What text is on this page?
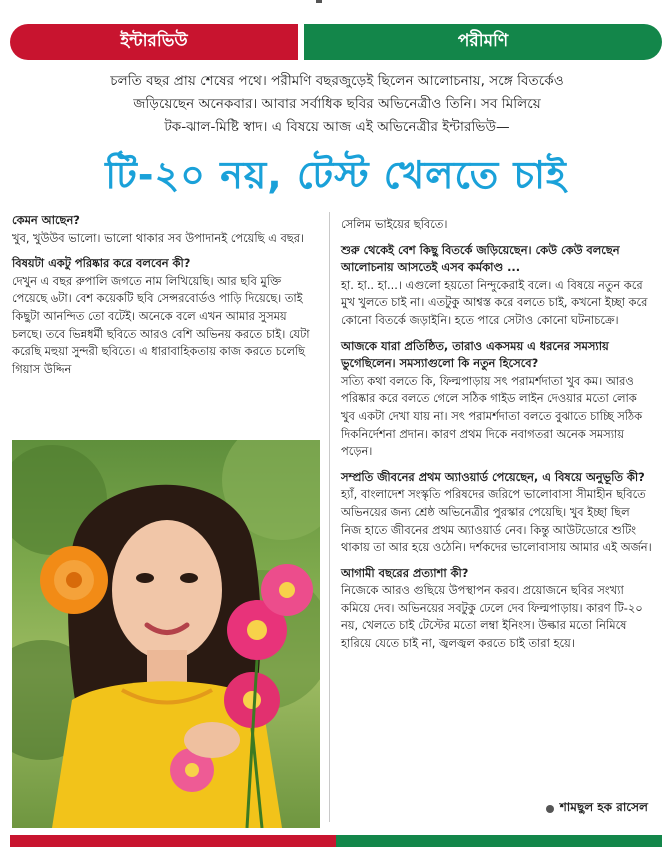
ইন্টারভিউ	পরীমণি
চলতি বছর প্রায় শেষের পথে। পরীমণি বছরজুড়েই ছিলেন আলোচনায়, সঙ্গে বিতর্কেও
জড়িয়েছেন অনেকবার। আবার সর্বাধিক ছবির অভিনেত্রীও তিনি। সব মিলিয়ে
টক-ঝাল-মিষ্টি স্বাদ। এ বিষয়ে আজ এই অভিনেত্রীর ইন্টারভিউ—
টি-২০ নয়, টেস্ট খেলতে চাই

কেমন আছেন?

খুব, খুউউব ভালো। ভালো থাকার সব উপাদানই পেয়েছি এ বছর।

বিষয়টা একটু পরিষ্কার করে বলবেন কী?

দেখুন এ বছর রুপালি জগতে নাম লিখিয়েছি। আর ছবি মুক্তি পেয়েছে ৬টা। বেশ কয়েকটি ছবি সেন্সরবোর্ডও পাড়ি দিয়েছে। তাই কিছুটা আনন্দিত তো বটেই। অনেকে বলে এখন আমার সুসময় চলছে। তবে ভিন্নধর্মী ছবিতে আরও বেশি অভিনয় করতে চাই। যেটা করেছি মহুয়া সুন্দরী ছবিতে। এ ধারাবাহিকতায় কাজ করতে চলেছি গিয়াস উদ্দিন

সেলিম ভাইয়ের ছবিতে।

শুরু থেকেই বেশ কিছু বিতর্কে জড়িয়েছেন। কেউ কেউ বলছেন আলোচনায় আসতেই এসব কর্মকাণ্ড ...

হা. হা.. হা...। এগুলো হয়তো নিন্দুকেরাই বলে। এ বিষয়ে নতুন করে মুখ খুলতে চাই না। এতটুকু আশ্বস্ত করে বলতে চাই, কখনো ইচ্ছা করে কোনো বিতর্কে জড়াইনি। হতে পারে সেটাও কোনো ঘটনাচক্রে।

আজকে যারা প্রতিষ্ঠিত, তারাও একসময় এ ধরনের সমস্যায় ভুগেছিলেন। সমস্যাগুলো কি নতুন হিসেবে?

সত্যি কথা বলতে কি, ফিল্মপাড়ায় সৎ পরামর্শদাতা খুব কম। আরও পরিষ্কার করে বলতে গেলে সঠিক গাইড লাইন দেওয়ার মতো লোক খুব একটা দেখা যায় না। সৎ পরামর্শদাতা বলতে বুঝাতে চাচ্ছি সঠিক দিকনির্দেশনা প্রদান। কারণ প্রথম দিকে নবাগতরা অনেক সমস্যায় পড়েন।

সম্প্রতি জীবনের প্রথম অ্যাওয়ার্ড পেয়েছেন, এ বিষয়ে অনুভূতি কী?

হ্যাঁ, বাংলাদেশ সংস্কৃতি পরিষদের জরিপে ভালোবাসা সীমাহীন ছবিতে অভিনয়ের জন্য শ্রেষ্ঠ অভিনেত্রীর পুরস্কার পেয়েছি। খুব ইচ্ছা ছিল নিজ হাতে জীবনের প্রথম অ্যাওয়ার্ড নেব। কিন্তু আউটডোরে শুটিং থাকায় তা আর হয়ে ওঠেনি। দর্শকদের ভালোবাসায় আমার এই অর্জন।

আগামী বছরের প্রত্যাশা কী?

নিজেকে আরও গুছিয়ে উপস্থাপন করব। প্রয়োজনে ছবির সংখ্যা কমিয়ে দেব। অভিনয়ের সবটুকু ঢেলে দেব ফিল্মপাড়ায়। কারণ টি-২০ নয়, খেলতে চাই টেস্টের মতো লম্বা ইনিংস। উল্কার মতো নিমিষে হারিয়ে যেতে চাই না, জ্বলজ্বল করতে চাই তারা হয়ে।

শামছুল হক রাসেল
